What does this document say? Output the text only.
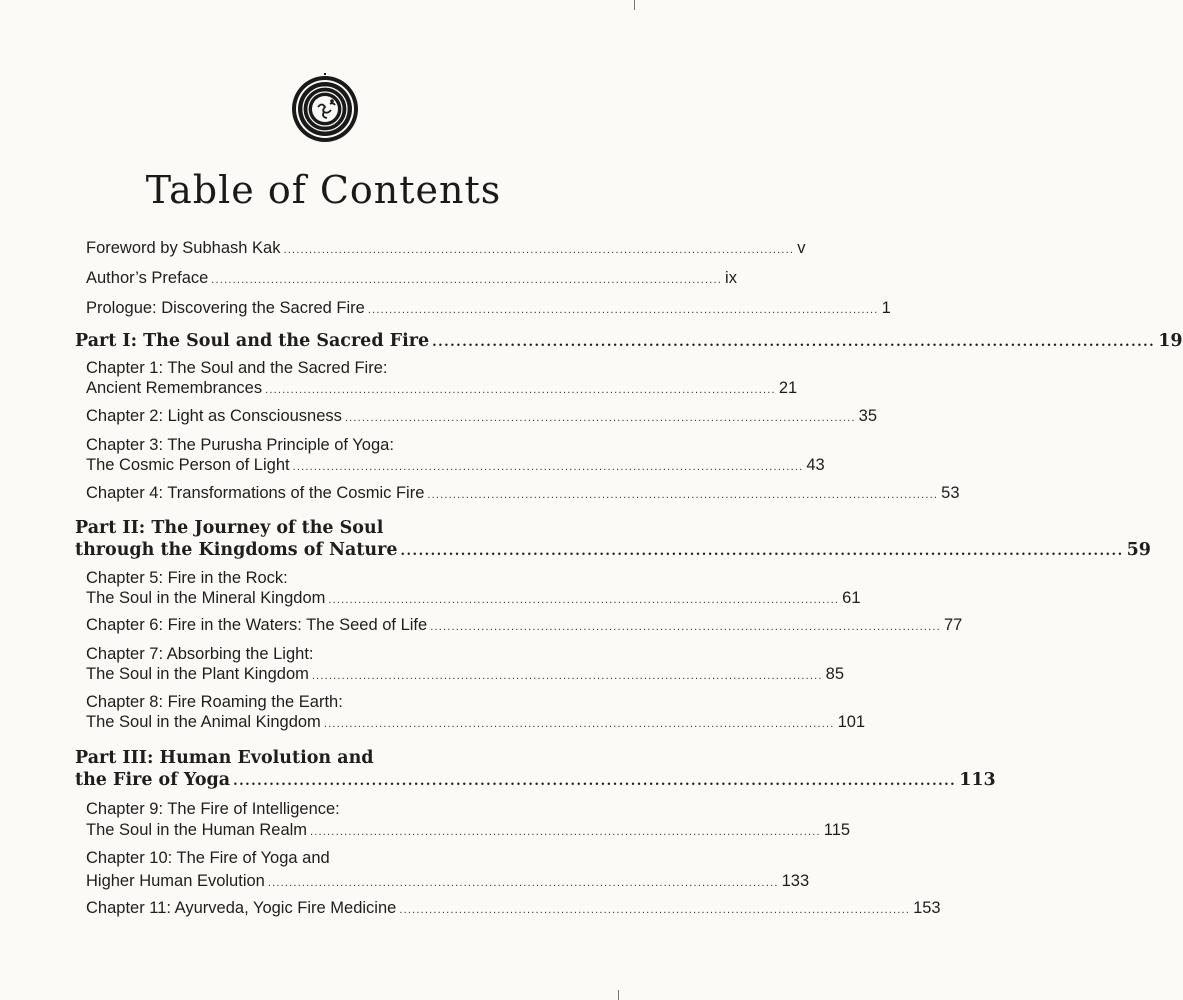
Table of Contents
Foreword by Subhash Kak ........................................................................................................................ v
Author’s Preface ........................................................................................................................ ix
Prologue: Discovering the Sacred Fire ........................................................................................................................ 1
Part I: The Soul and the Sacred Fire ........................................................................................................................ 19
Chapter 1: The Soul and the Sacred Fire:
Ancient Remembrances ........................................................................................................................ 21
Chapter 2: Light as Consciousness ........................................................................................................................ 35
Chapter 3: The Purusha Principle of Yoga:
The Cosmic Person of Light ........................................................................................................................ 43
Chapter 4: Transformations of the Cosmic Fire ........................................................................................................................ 53
Part II: The Journey of the Soul
through the Kingdoms of Nature ........................................................................................................................ 59
Chapter 5: Fire in the Rock:
The Soul in the Mineral Kingdom ........................................................................................................................ 61
Chapter 6: Fire in the Waters: The Seed of Life ........................................................................................................................ 77
Chapter 7: Absorbing the Light:
The Soul in the Plant Kingdom ........................................................................................................................ 85
Chapter 8: Fire Roaming the Earth:
The Soul in the Animal Kingdom ........................................................................................................................ 101
Part III: Human Evolution and
the Fire of Yoga ........................................................................................................................ 113
Chapter 9: The Fire of Intelligence:
The Soul in the Human Realm ........................................................................................................................ 115
Chapter 10: The Fire of Yoga and
Higher Human Evolution ........................................................................................................................ 133
Chapter 11: Ayurveda, Yogic Fire Medicine ........................................................................................................................ 153
